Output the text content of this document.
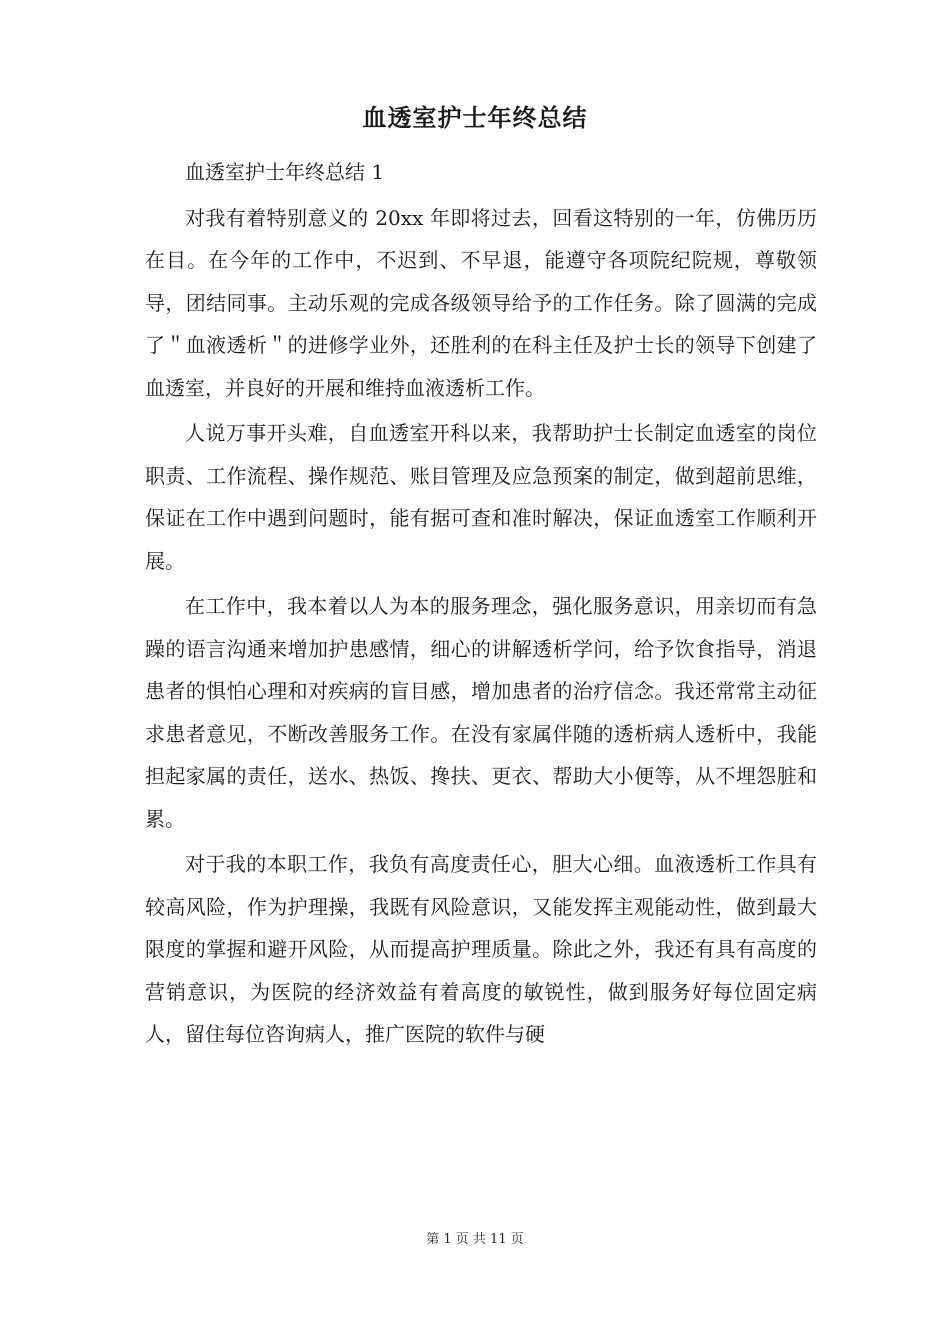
血透室护士年终总结

血透室护士年终总结 1

对我有着特别意义的 20xx 年即将过去，回看这特别的一年，仿佛历历在目。在今年的工作中，不迟到、不早退，能遵守各项院纪院规，尊敬领导，团结同事。主动乐观的完成各级领导给予的工作任务。除了圆满的完成了＂血液透析＂的进修学业外，还胜利的在科主任及护士长的领导下创建了血透室，并良好的开展和维持血液透析工作。

人说万事开头难，自血透室开科以来，我帮助护士长制定血透室的岗位职责、工作流程、操作规范、账目管理及应急预案的制定，做到超前思维，保证在工作中遇到问题时，能有据可查和准时解决，保证血透室工作顺利开展。

在工作中，我本着以人为本的服务理念，强化服务意识，用亲切而有急躁的语言沟通来增加护患感情，细心的讲解透析学问，给予饮食指导，消退患者的惧怕心理和对疾病的盲目感，增加患者的治疗信念。我还常常主动征求患者意见，不断改善服务工作。在没有家属伴随的透析病人透析中，我能担起家属的责任，送水、热饭、搀扶、更衣、帮助大小便等，从不埋怨脏和累。

对于我的本职工作，我负有高度责任心，胆大心细。血液透析工作具有较高风险，作为护理操，我既有风险意识，又能发挥主观能动性，做到最大限度的掌握和避开风险，从而提高护理质量。除此之外，我还有具有高度的营销意识，为医院的经济效益有着高度的敏锐性，做到服务好每位固定病人，留住每位咨询病人，推广医院的软件与硬

第 1 页 共 11 页
